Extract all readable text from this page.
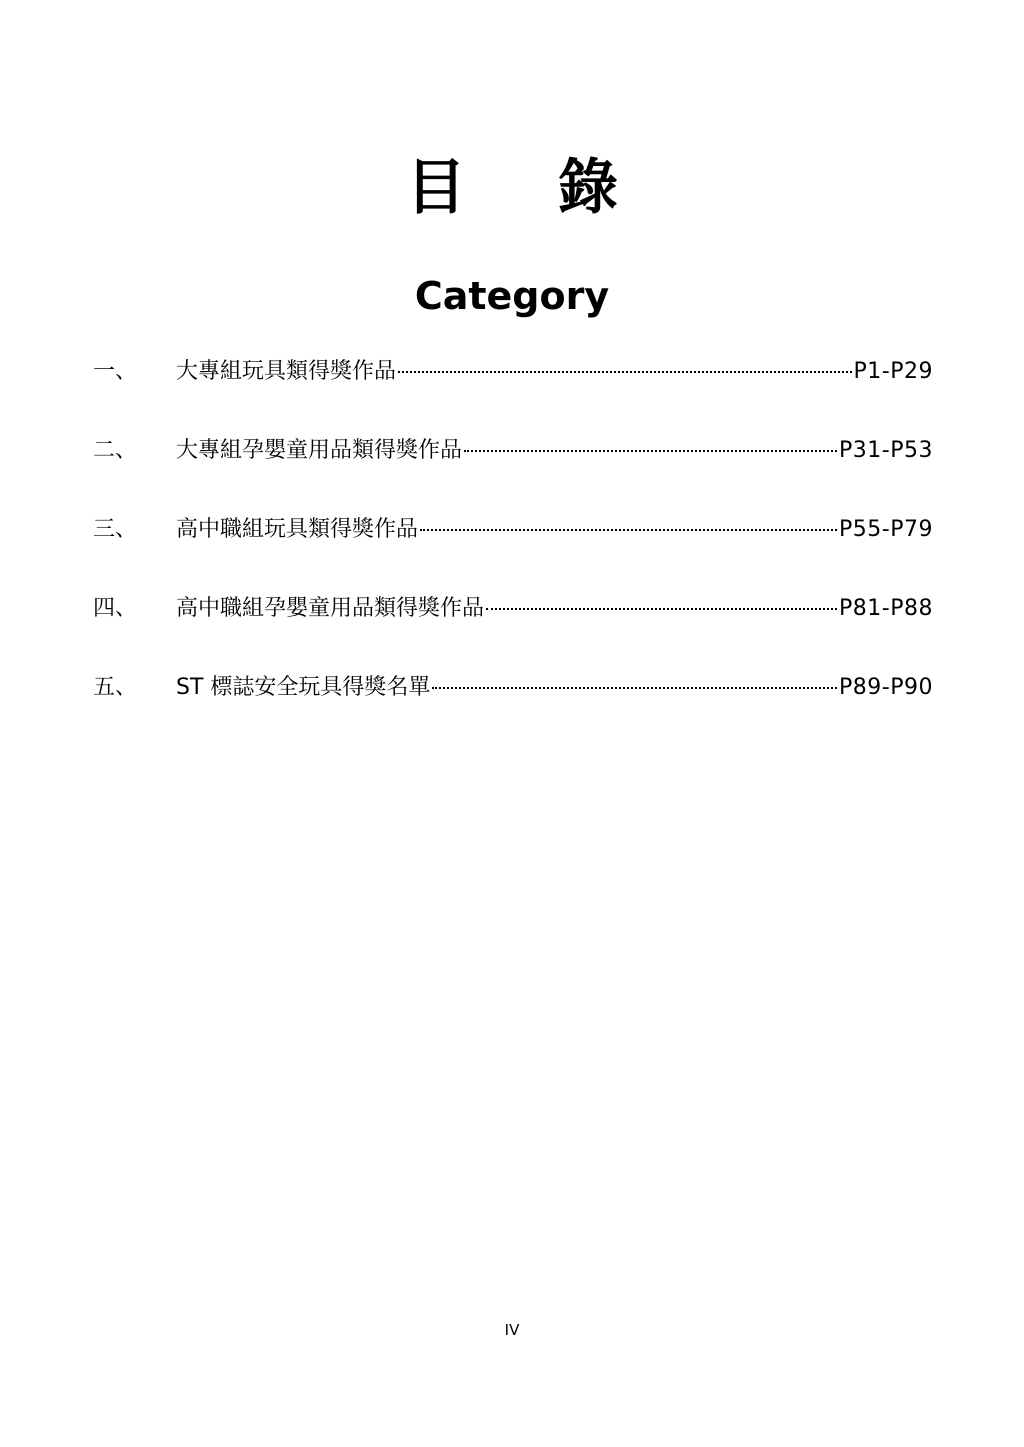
目錄
Category
一、	大專組玩具類得獎作品	P1-P29
二、	大專組孕嬰童用品類得獎作品	P31-P53
三、	高中職組玩具類得獎作品	P55-P79
四、	高中職組孕嬰童用品類得獎作品	P81-P88
五、	ST 標誌安全玩具得獎名單	P89-P90
IV
